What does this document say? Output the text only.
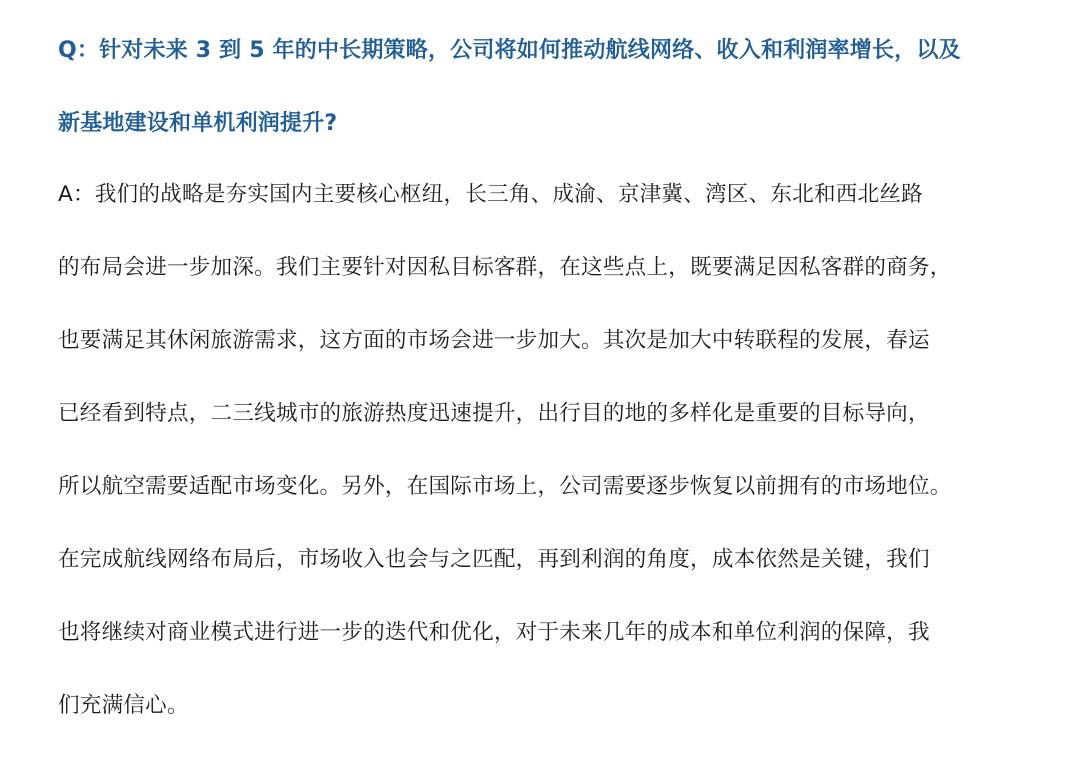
Q：针对未来 3 到 5 年的中长期策略，公司将如何推动航线网络、收入和利润率增长，以及
新基地建设和单机利润提升?

A：我们的战略是夯实国内主要核心枢纽，长三角、成渝、京津冀、湾区、东北和西北丝路
的布局会进一步加深。我们主要针对因私目标客群，在这些点上，既要满足因私客群的商务，
也要满足其休闲旅游需求，这方面的市场会进一步加大。其次是加大中转联程的发展，春运
已经看到特点，二三线城市的旅游热度迅速提升，出行目的地的多样化是重要的目标导向，
所以航空需要适配市场变化。另外，在国际市场上，公司需要逐步恢复以前拥有的市场地位。
在完成航线网络布局后，市场收入也会与之匹配，再到利润的角度，成本依然是关键，我们
也将继续对商业模式进行进一步的迭代和优化，对于未来几年的成本和单位利润的保障，我
们充满信心。
